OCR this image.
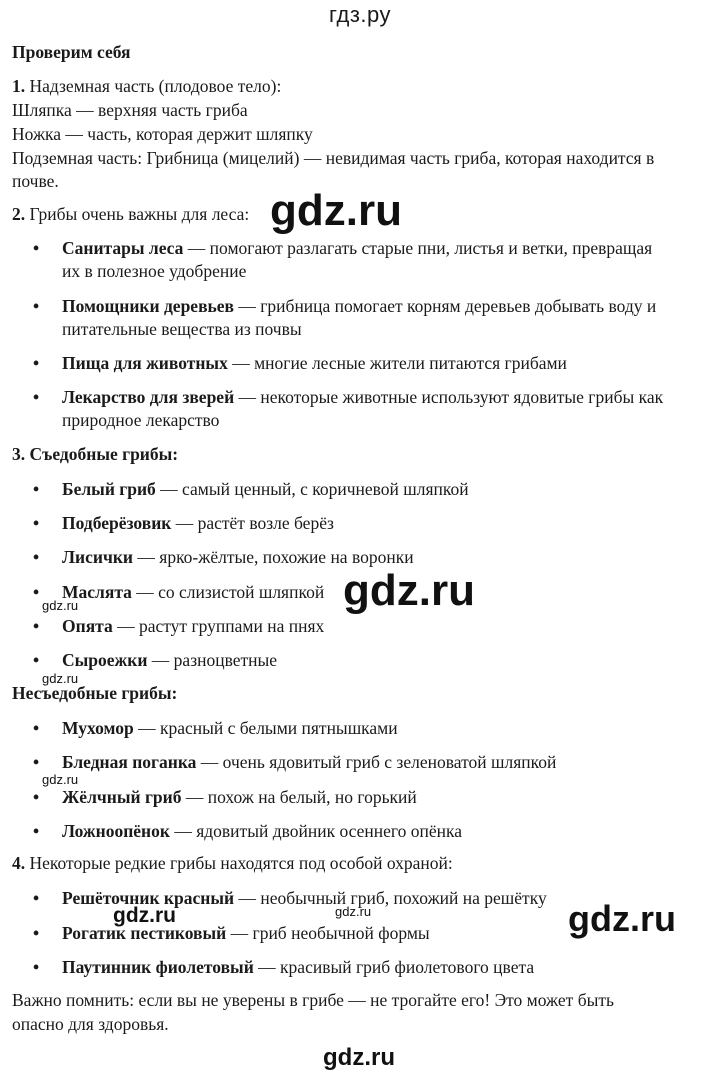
гдз.ру
Проверим себя
1. Надземная часть (плодовое тело):
Шляпка — верхняя часть гриба
Ножка — часть, которая держит шляпку
Подземная часть: Грибница (мицелий) — невидимая часть гриба, которая находится в
почве.
2. Грибы очень важны для леса:
• Санитары леса — помогают разлагать старые пни, листья и ветки, превращая
их в полезное удобрение
• Помощники деревьев — грибница помогает корням деревьев добывать воду и
питательные вещества из почвы
• Пища для животных — многие лесные жители питаются грибами
• Лекарство для зверей — некоторые животные используют ядовитые грибы как
природное лекарство
3. Съедобные грибы:
• Белый гриб — самый ценный, с коричневой шляпкой
• Подберёзовик — растёт возле берёз
• Лисички — ярко-жёлтые, похожие на воронки
• Маслята — со слизистой шляпкой
• Опята — растут группами на пнях
• Сыроежки — разноцветные
Несъедобные грибы:
• Мухомор — красный с белыми пятнышками
• Бледная поганка — очень ядовитый гриб с зеленоватой шляпкой
• Жёлчный гриб — похож на белый, но горький
• Ложноопёнок — ядовитый двойник осеннего опёнка
4. Некоторые редкие грибы находятся под особой охраной:
• Решёточник красный — необычный гриб, похожий на решётку
• Рогатик пестиковый — гриб необычной формы
• Паутинник фиолетовый — красивый гриб фиолетового цвета
Важно помнить: если вы не уверены в грибе — не трогайте его! Это может быть
опасно для здоровья.
gdz.ru
gdz.ru
gdz.ru
gdz.ru
gdz.ru
gdz.ru
gdz.ru
gdz.ru
gdz.ru
